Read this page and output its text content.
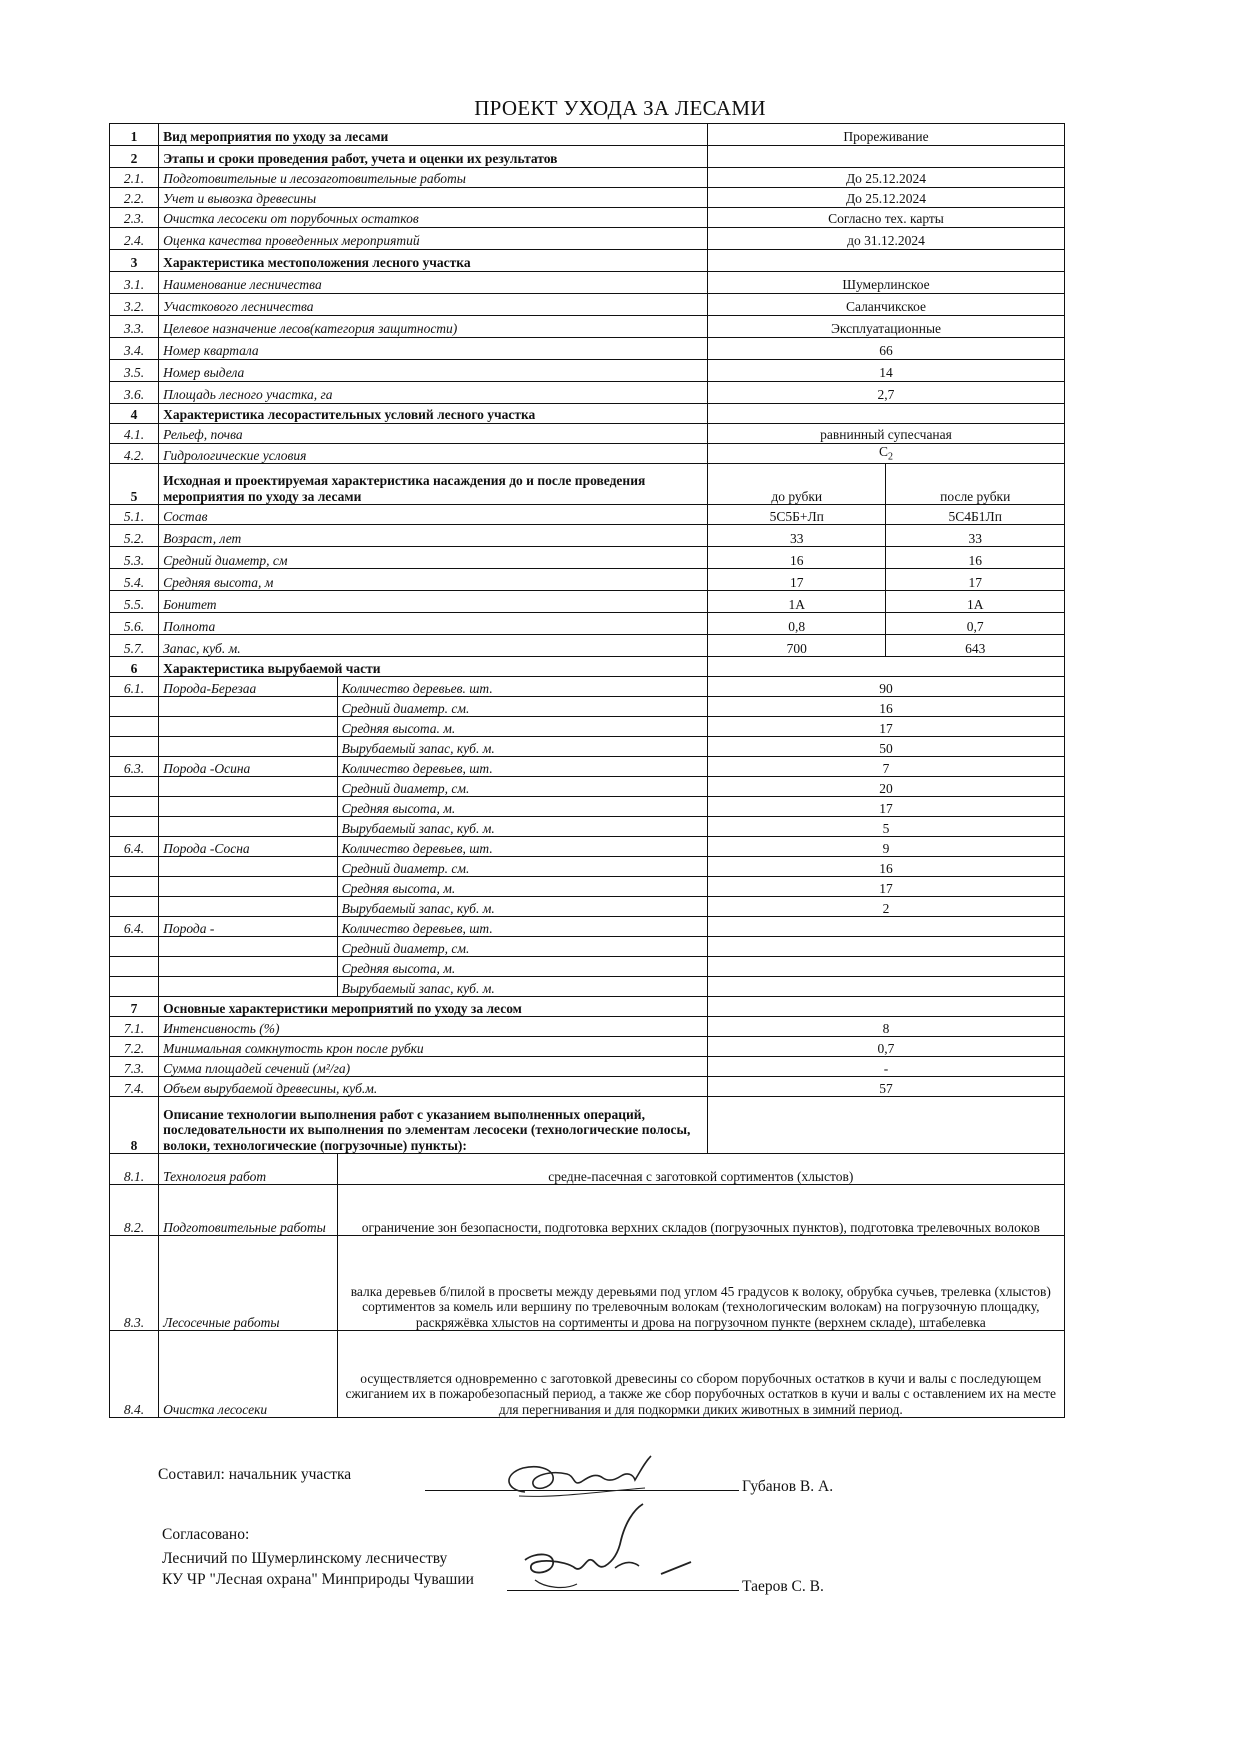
ПРОЕКТ УХОДА ЗА ЛЕСАМИ
1	Вид мероприятия по уходу за лесами		Прореживание	
2	Этапы и сроки проведения работ, учета и оценки их результатов			
2.1.	Подготовительные и лесозаготовительные работы		До 25.12.2024	
2.2.	Учет и вывозка древесины		До 25.12.2024	
2.3.	Очистка лесосеки от порубочных остатков		Согласно тех. карты	
2.4.	Оценка качества проведенных мероприятий		до 31.12.2024	
3	Характеристика местоположения лесного участка			
3.1.	Наименование лесничества		Шумерлинское	
3.2.	Участкового лесничества		Саланчикское	
3.3.	Целевое назначение лесов(категория защитности)		Эксплуатационные	
3.4.	Номер квартала		66	
3.5.	Номер выдела		14	
3.6.	Площадь лесного участка, га		2,7	
4	Характеристика лесорастительных условий лесного участка			
4.1.	Рельеф, почва		равнинный супесчаная	
4.2.	Гидрологические условия		$С_2$
5	Исходная и проектируемая характеристика насаждения до и после проведения мероприятия по уходу за лесами		до рубки	после рубки
5.1.	Состав		5С5Б+Лп	5С4Б1Лп
5.2.	Возраст, лет		33	33
5.3.	Средний диаметр, см		16	16
5.4.	Средняя высота, м		17	17
5.5.	Бонитет		1А	1А
5.6.	Полнота		0,8	0,7
5.7.	Запас, куб. м.		700	643
6	Характеристика вырубаемой части			
6.1.	Порода-Березаа	Количество деревьев. шт.	90	
		Средний диаметр. см.	16	
		Средняя высота. м.	17	
		Вырубаемый запас, куб. м.	50	
6.3.	Порода -Осина	Количество деревьев, шт.	7	
		Средний диаметр, см.	20	
		Средняя высота, м.	17	
		Вырубаемый запас, куб. м.	5	
6.4.	Порода -Сосна	Количество деревьев, шт.	9	
		Средний диаметр. см.	16	
		Средняя высота, м.	17	
		Вырубаемый запас, куб. м.	2	
6.4.	Порода -	Количество деревьев, шт.		
		Средний диаметр, см.		
		Средняя высота, м.		
		Вырубаемый запас, куб. м.		
7	Основные характеристики мероприятий по уходу за лесом			
7.1.	Интенсивность (%)		8	
7.2.	Минимальная сомкнутость крон после рубки		0,7	
7.3.	Сумма площадей сечений (м²/га)		-	
7.4.	Объем вырубаемой древесины, куб.м.		57	
8	Описание технологии выполнения работ с указанием выполненных операций, последовательности их выполнения по элементам лесосеки (технологические полосы, волоки, технологические (погрузочные) пункты):			
8.1.	Технология работ	средне-пасечная с заготовкой сортиментов (хлыстов)		
8.2.	Подготовительные работы	ограничение зон безопасности, подготовка верхних складов (погрузочных пунктов), подготовка трелевочных волоков		
8.3.	Лесосечные работы	валка деревьев б/пилой в просветы между деревьями под углом 45 градусов к волоку, обрубка сучьев, трелевка (хлыстов) сортиментов за комель или вершину по трелевочным волокам (технологическим волокам) на погрузочную площадку, раскряжёвка хлыстов на сортименты и дрова на погрузочном пункте (верхнем складе), штабелевка		
8.4.	Очистка лесосеки	осуществляется одновременно с заготовкой древесины со сбором порубочных остатков в кучи и валы с последующем сжиганием их в пожаробезопасный период, а также же сбор порубочных остатков в кучи и валы с оставлением их на месте для перегнивания и для подкормки диких животных в зимний период.		
Составил: начальник участка
Губанов В. А.
Согласовано:
Лесничий по Шумерлинскому лесничеству
КУ ЧР "Лесная охрана" Минприроды Чувашии	Таеров С. В.
